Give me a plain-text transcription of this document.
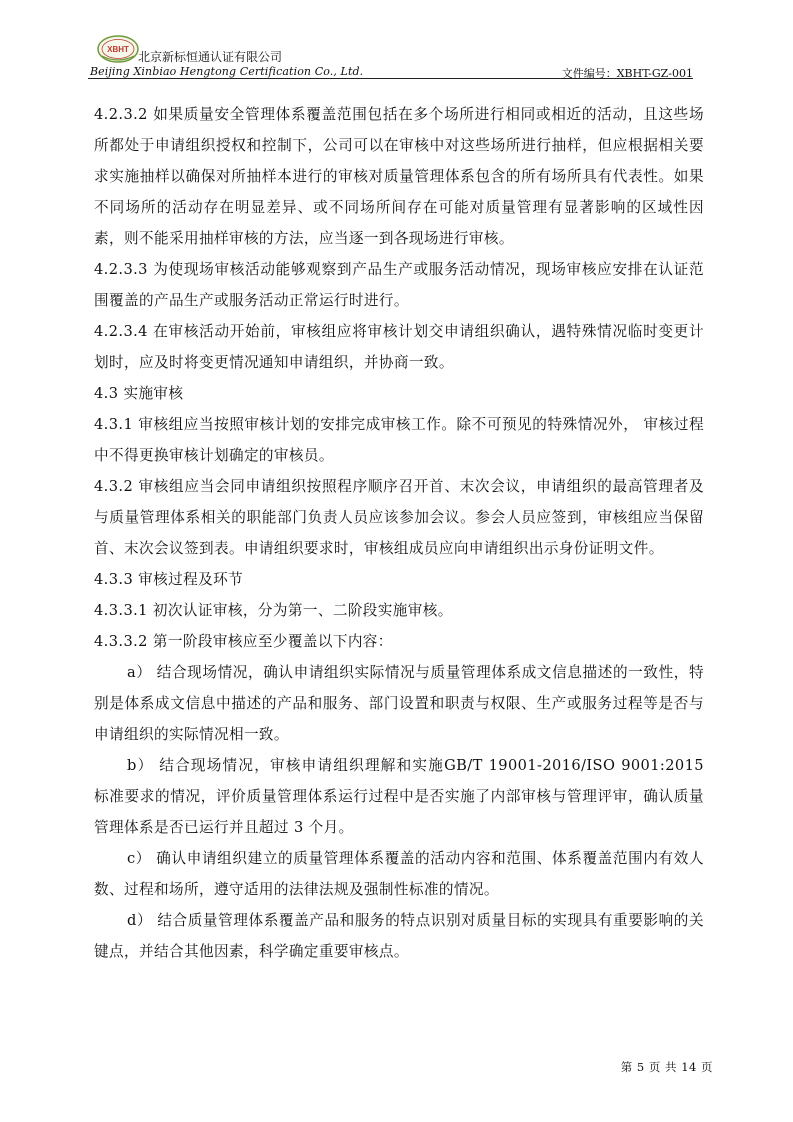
XBHT
北京新标恒通认证有限公司
Beijing Xinbiao Hengtong Certification Co., Ltd.	文件编号：XBHT-GZ-001

4.2.3.2 如果质量安全管理体系覆盖范围包括在多个场所进行相同或相近的活动，且这些场所都处于申请组织授权和控制下，公司可以在审核中对这些场所进行抽样，但应根据相关要求实施抽样以确保对所抽样本进行的审核对质量管理体系包含的所有场所具有代表性。如果不同场所的活动存在明显差异、或不同场所间存在可能对质量管理有显著影响的区域性因素，则不能采用抽样审核的方法，应当逐一到各现场进行审核。

4.2.3.3 为使现场审核活动能够观察到产品生产或服务活动情况，现场审核应安排在认证范围覆盖的产品生产或服务活动正常运行时进行。

4.2.3.4 在审核活动开始前，审核组应将审核计划交申请组织确认，遇特殊情况临时变更计划时，应及时将变更情况通知申请组织，并协商一致。

4.3 实施审核

4.3.1 审核组应当按照审核计划的安排完成审核工作。除不可预见的特殊情况外， 审核过程中不得更换审核计划确定的审核员。

4.3.2 审核组应当会同申请组织按照程序顺序召开首、末次会议，申请组织的最高管理者及与质量管理体系相关的职能部门负责人员应该参加会议。参会人员应签到，审核组应当保留首、末次会议签到表。申请组织要求时，审核组成员应向申请组织出示身份证明文件。

4.3.3 审核过程及环节

4.3.3.1 初次认证审核，分为第一、二阶段实施审核。

4.3.3.2 第一阶段审核应至少覆盖以下内容：

a） 结合现场情况，确认申请组织实际情况与质量管理体系成文信息描述的一致性，特别是体系成文信息中描述的产品和服务、部门设置和职责与权限、生产或服务过程等是否与申请组织的实际情况相一致。

b） 结合现场情况，审核申请组织理解和实施GB/T 19001-2016/ISO 9001:2015 标准要求的情况，评价质量管理体系运行过程中是否实施了内部审核与管理评审，确认质量管理体系是否已运行并且超过 3 个月。

c） 确认申请组织建立的质量管理体系覆盖的活动内容和范围、体系覆盖范围内有效人数、过程和场所，遵守适用的法律法规及强制性标准的情况。

d） 结合质量管理体系覆盖产品和服务的特点识别对质量目标的实现具有重要影响的关键点，并结合其他因素，科学确定重要审核点。

第 5 页 共 14 页
